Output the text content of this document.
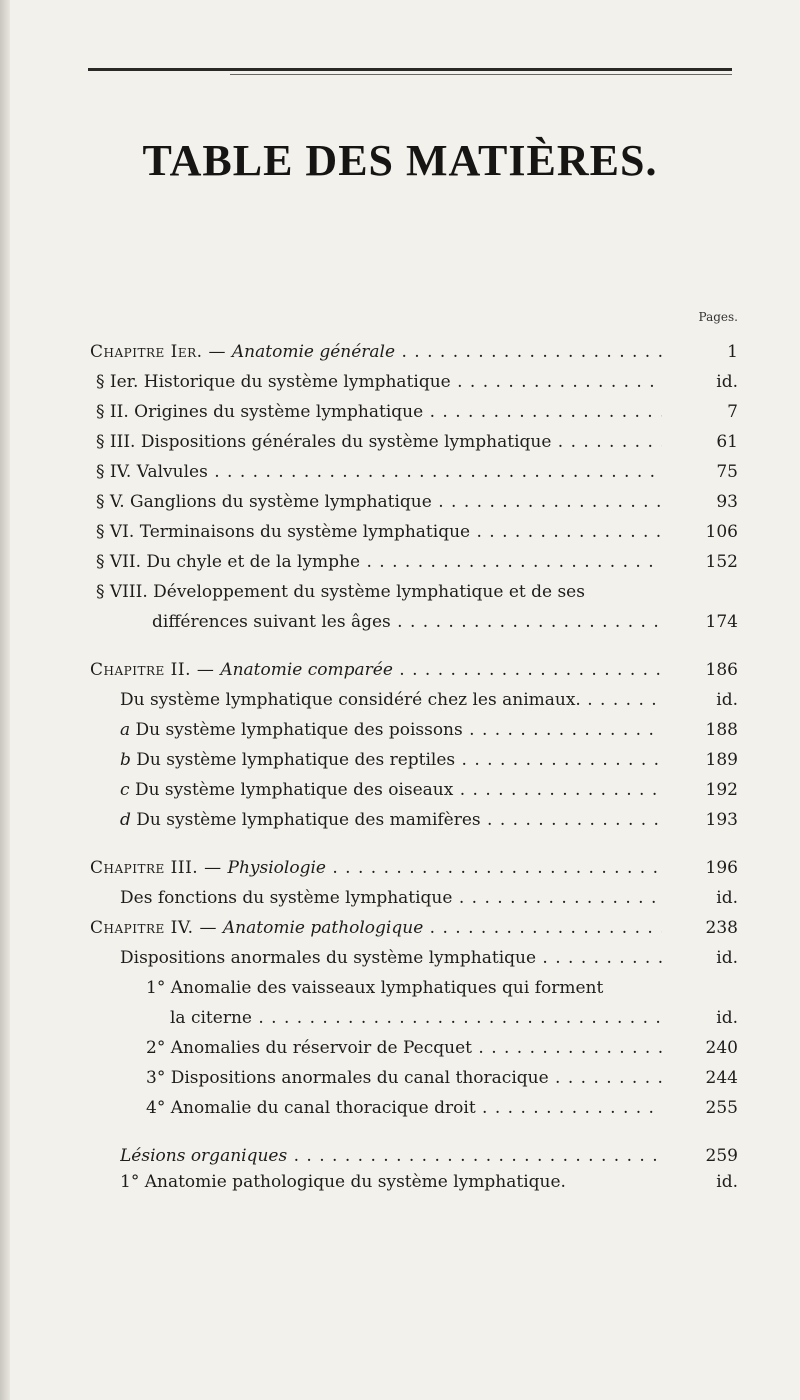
TABLE DES MATIÈRES.
Pages.
Chapitre Ier. — Anatomie générale . . .	1
§ Ier. Historique du système lymphatique . . .	id.
§ II. Origines du système lymphatique . . .	7
§ III. Dispositions générales du système lymphatique . . .	61
§ IV. Valvules . . .	75
§ V. Ganglions du système lymphatique . . .	93
§ VI. Terminaisons du système lymphatique . . .	106
§ VII. Du chyle et de la lymphe . . .	152
§ VIII. Développement du système lymphatique et de ses
différences suivant les âges . . .	174
Chapitre II. — Anatomie comparée . . .	186
Du système lymphatique considéré chez les animaux. . . .	id.
a Du système lymphatique des poissons . . .	188
b Du système lymphatique des reptiles . . .	189
c Du système lymphatique des oiseaux . . .	192
d Du système lymphatique des mamifères . . .	193
Chapitre III. — Physiologie . . .	196
Des fonctions du système lymphatique . . .	id.
Chapitre IV. — Anatomie pathologique . . .	238
Dispositions anormales du système lymphatique . . .	id.
1° Anomalie des vaisseaux lymphatiques qui forment
la citerne . . .	id.
2° Anomalies du réservoir de Pecquet . . .	240
3° Dispositions anormales du canal thoracique . . .	244
4° Anomalie du canal thoracique droit . . .	255
Lésions organiques . . .	259
1° Anatomie pathologique du système lymphatique.	id.
